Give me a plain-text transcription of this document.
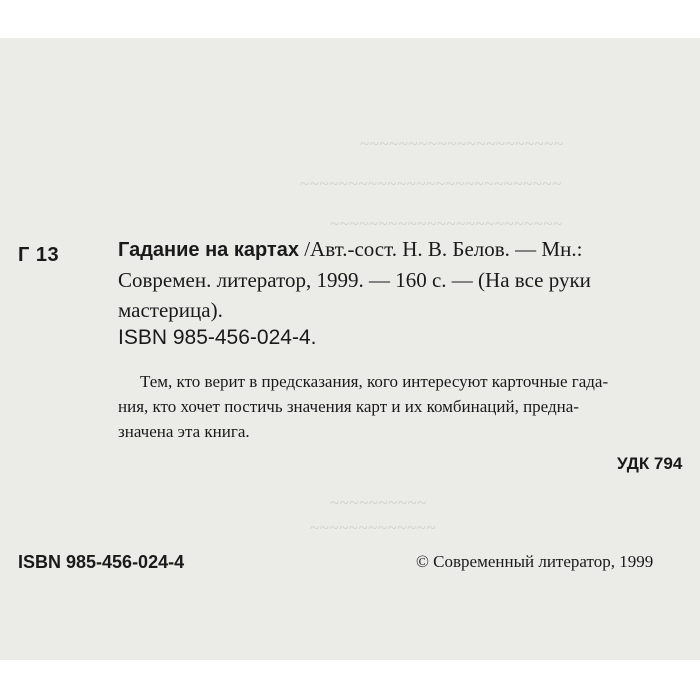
~~~~~~~~~~~~~~~~~~~~~
~~~~~~~~~~~~~~~~~~~~~~~~~~~
~~~~~~~~~~~~~~~~~~~~~~~~
~~~~~~~~~~
~~~~~~~~~~~~~
Г 13	Гадание на картах /Авт.-сост. Н. В. Белов. — Мн.:
Современ. литератор, 1999. — 160 с. — (На все руки
мастерица).
ISBN 985-456-024-4.
Тем, кто верит в предсказания, кого интересуют карточные гада-
ния, кто хочет постичь значения карт и их комбинаций, предна-
значена эта книга.
УДК 794
ISBN 985-456-024-4	© Современный литератор, 1999
